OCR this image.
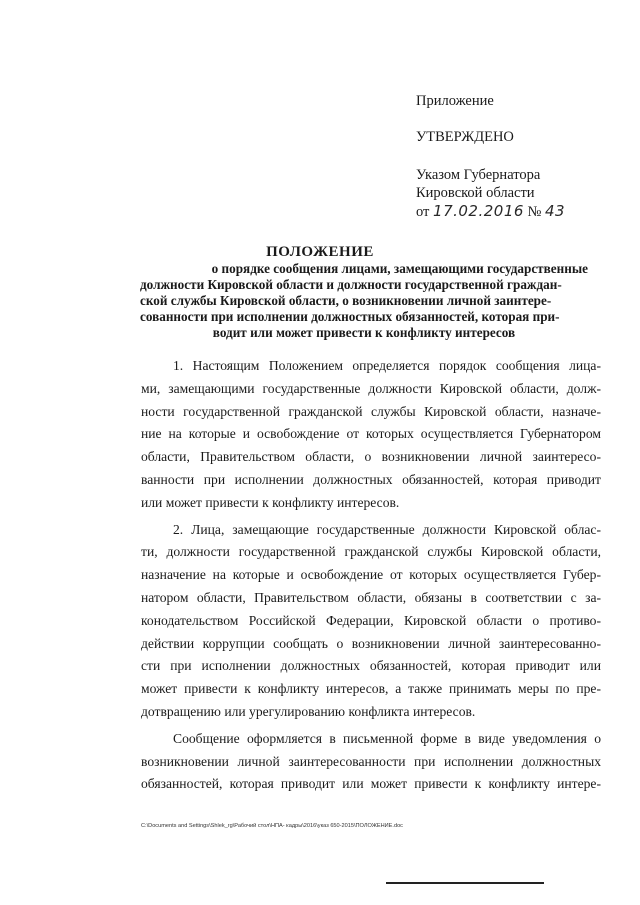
Приложение
УТВЕРЖДЕНО
Указом Губернатора
Кировской области
от 17.02.2016 № 43
ПОЛОЖЕНИЕ
о порядке сообщения лицами, замещающими государственные
должности Кировской области и должности государственной граждан-
ской службы Кировской области, о возникновении личной заинтере-
сованности при исполнении должностных обязанностей, которая при-
водит или может привести к конфликту интересов
1. Настоящим Положением определяется порядок сообщения лица-
ми, замещающими государственные должности Кировской области, долж-
ности государственной гражданской службы Кировской области, назначе-
ние на которые и освобождение от которых осуществляется Губернатором
области, Правительством области, о возникновении личной заинтересо-
ванности при исполнении должностных обязанностей, которая приводит
или может привести к конфликту интересов.
2. Лица, замещающие государственные должности Кировской облас-
ти, должности государственной гражданской службы Кировской области,
назначение на которые и освобождение от которых осуществляется Губер-
натором области, Правительством области, обязаны в соответствии с за-
конодательством Российской Федерации, Кировской области о противо-
действии коррупции сообщать о возникновении личной заинтересованно-
сти при исполнении должностных обязанностей, которая приводит или
может привести к конфликту интересов, а также принимать меры по пре-
дотвращению или урегулированию конфликта интересов.
Сообщение оформляется в письменной форме в виде уведомления о
возникновении личной заинтересованности при исполнении должностных
обязанностей, которая приводит или может привести к конфликту интере-
C:\Documents and Settings\Shlek_rg\Рабочий стол\НПА- кадры\2016\указ 650-2015\ПОЛОЖЕНИЕ.doc
